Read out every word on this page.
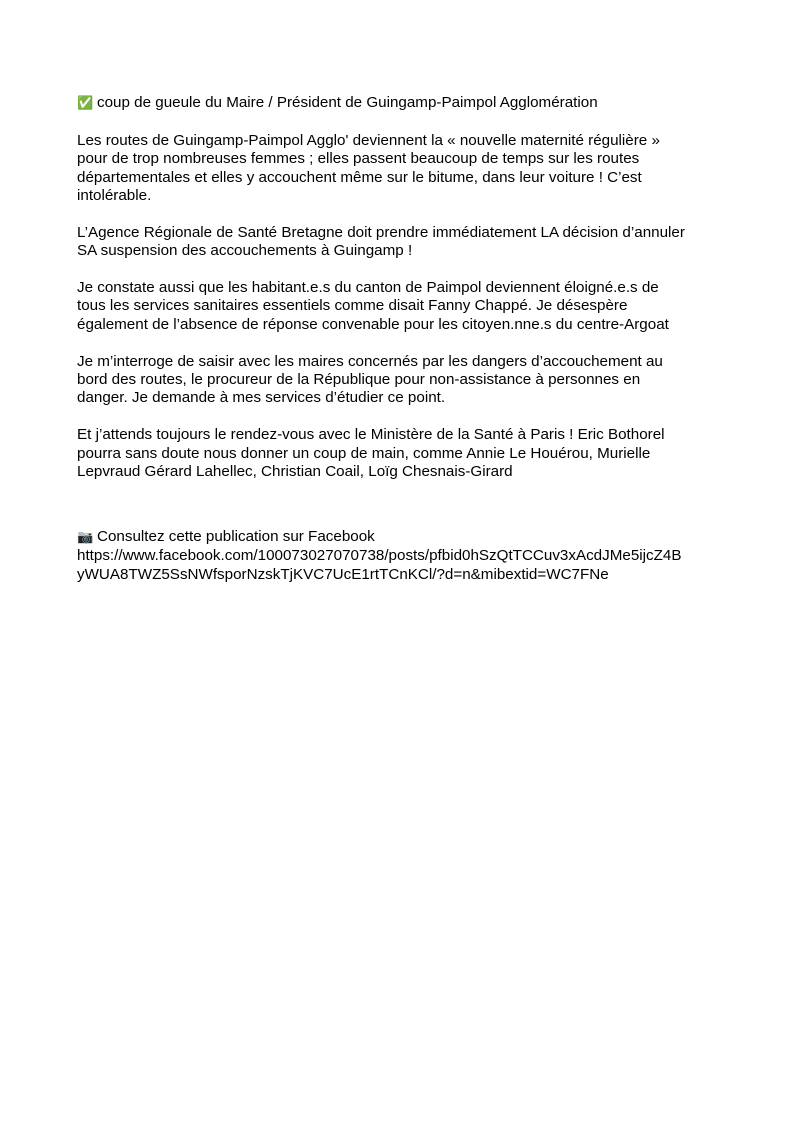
✅ coup de gueule du Maire / Président de Guingamp-Paimpol Agglomération

Les routes de Guingamp-Paimpol Agglo' deviennent la « nouvelle maternité régulière »
pour de trop nombreuses femmes ; elles passent beaucoup de temps sur les routes
départementales et elles y accouchent même sur le bitume, dans leur voiture ! C’est
intolérable.

L’Agence Régionale de Santé Bretagne doit prendre immédiatement LA décision d’annuler
SA suspension des accouchements à Guingamp !

Je constate aussi que les habitant.e.s du canton de Paimpol deviennent éloigné.e.s de
tous les services sanitaires essentiels comme disait Fanny Chappé. Je désespère
également de l’absence de réponse convenable pour les citoyen.nne.s du centre-Argoat

Je m’interroge de saisir avec les maires concernés par les dangers d’accouchement au
bord des routes, le procureur de la République pour non-assistance à personnes en
danger. Je demande à mes services d’étudier ce point.

Et j’attends toujours le rendez-vous avec le Ministère de la Santé à Paris ! Eric Bothorel
pourra sans doute nous donner un coup de main, comme Annie Le Houérou, Murielle
Lepvraud Gérard Lahellec, Christian Coail, Loïg Chesnais-Girard

📷 Consultez cette publication sur Facebook
https://www.facebook.com/100073027070738/posts/pfbid0hSzQtTCCuv3xAcdJMe5ijcZ4B
yWUA8TWZ5SsNWfsporNzskTjKVC7UcE1rtTCnKCl/?d=n&mibextid=WC7FNe
